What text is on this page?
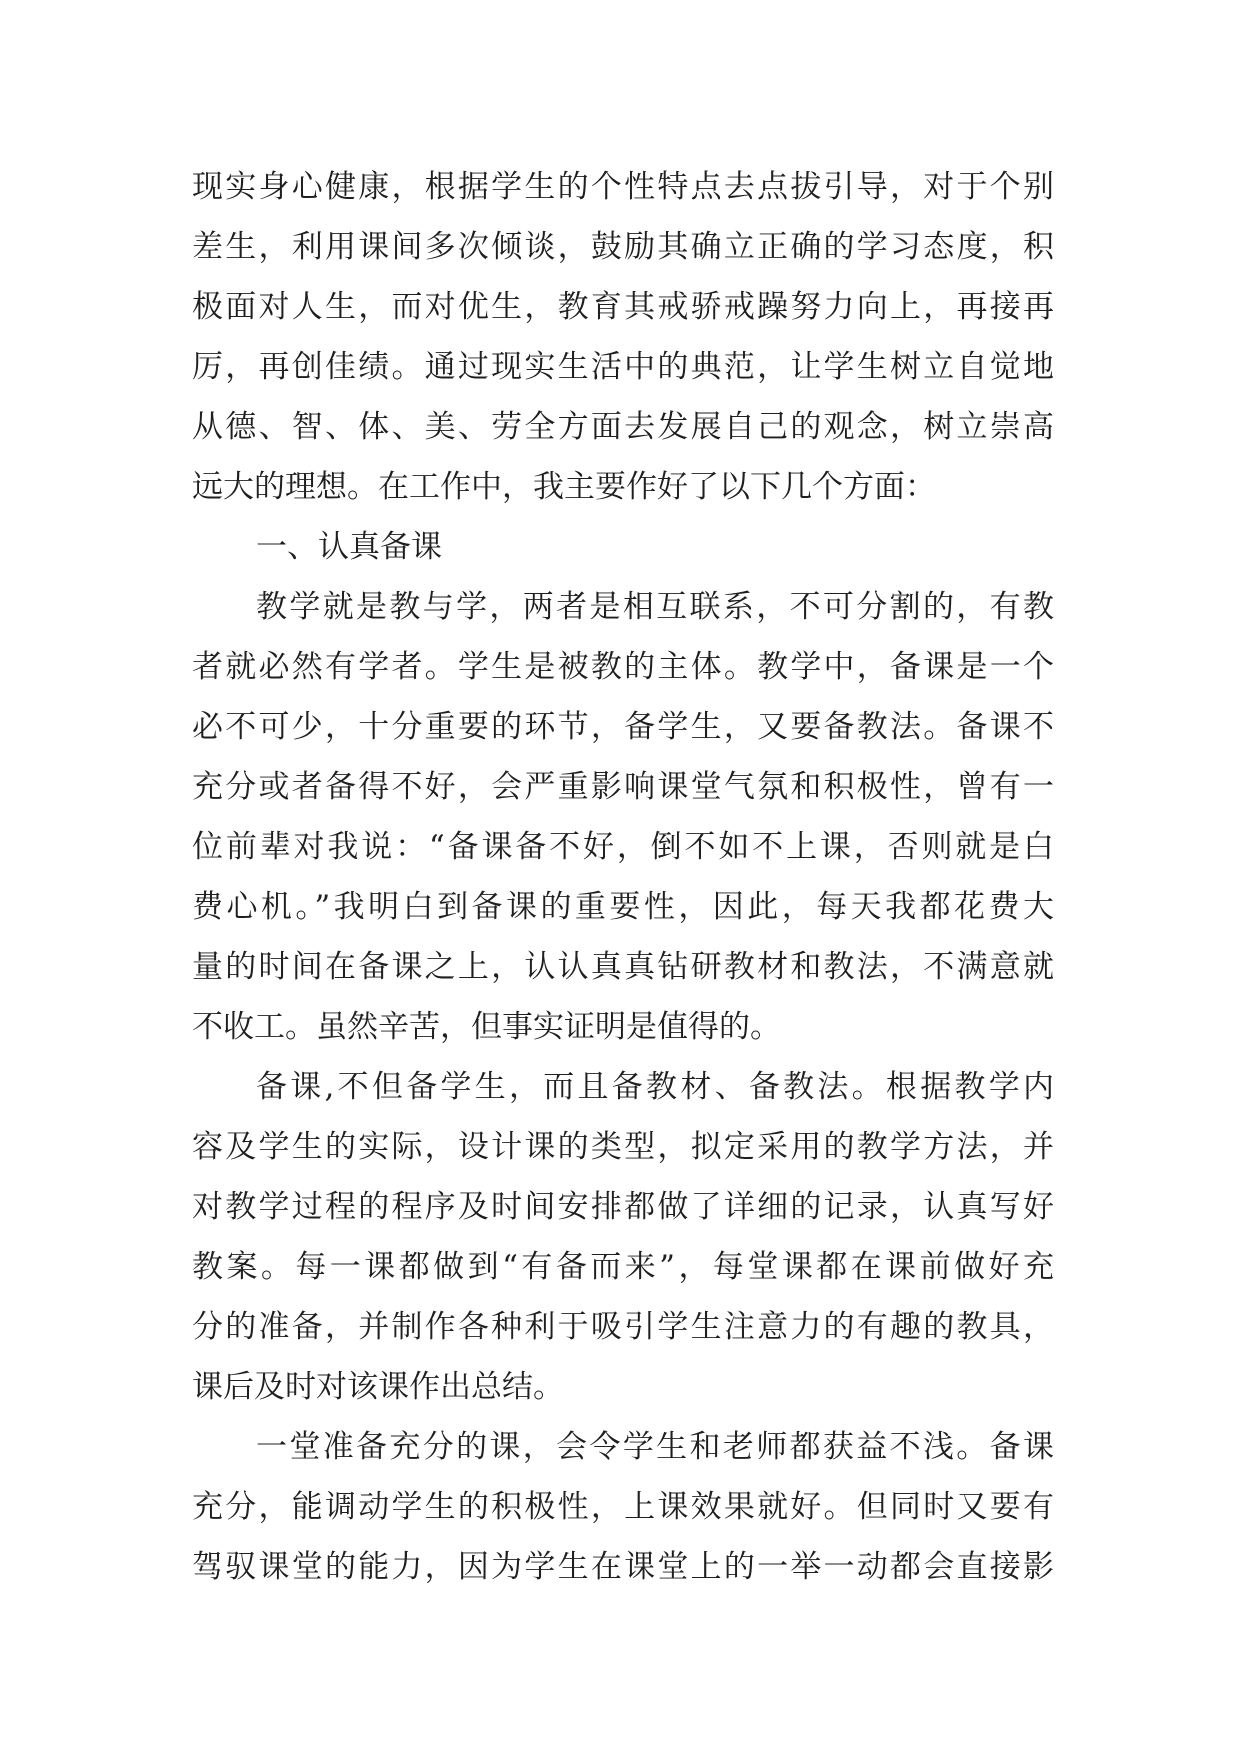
现实身心健康，根据学生的个性特点去点拔引导，对于个别
差生，利用课间多次倾谈，鼓励其确立正确的学习态度，积
极面对人生，而对优生，教育其戒骄戒躁努力向上，再接再
厉，再创佳绩。通过现实生活中的典范，让学生树立自觉地
从德、智、体、美、劳全方面去发展自己的观念，树立崇高
远大的理想。在工作中，我主要作好了以下几个方面：
一、认真备课
教学就是教与学，两者是相互联系，不可分割的，有教
者就必然有学者。学生是被教的主体。教学中，备课是一个
必不可少，十分重要的环节，备学生，又要备教法。备课不
充分或者备得不好，会严重影响课堂气氛和积极性，曾有一
位前辈对我说：“备课备不好，倒不如不上课，否则就是白
费心机。”我明白到备课的重要性，因此，每天我都花费大
量的时间在备课之上，认认真真钻研教材和教法，不满意就
不收工。虽然辛苦，但事实证明是值得的。
备课,不但备学生，而且备教材、备教法。根据教学内
容及学生的实际，设计课的类型，拟定采用的教学方法，并
对教学过程的程序及时间安排都做了详细的记录，认真写好
教案。每一课都做到“有备而来”，每堂课都在课前做好充
分的准备，并制作各种利于吸引学生注意力的有趣的教具，
课后及时对该课作出总结。
一堂准备充分的课，会令学生和老师都获益不浅。备课
充分，能调动学生的积极性，上课效果就好。但同时又要有
驾驭课堂的能力，因为学生在课堂上的一举一动都会直接影
